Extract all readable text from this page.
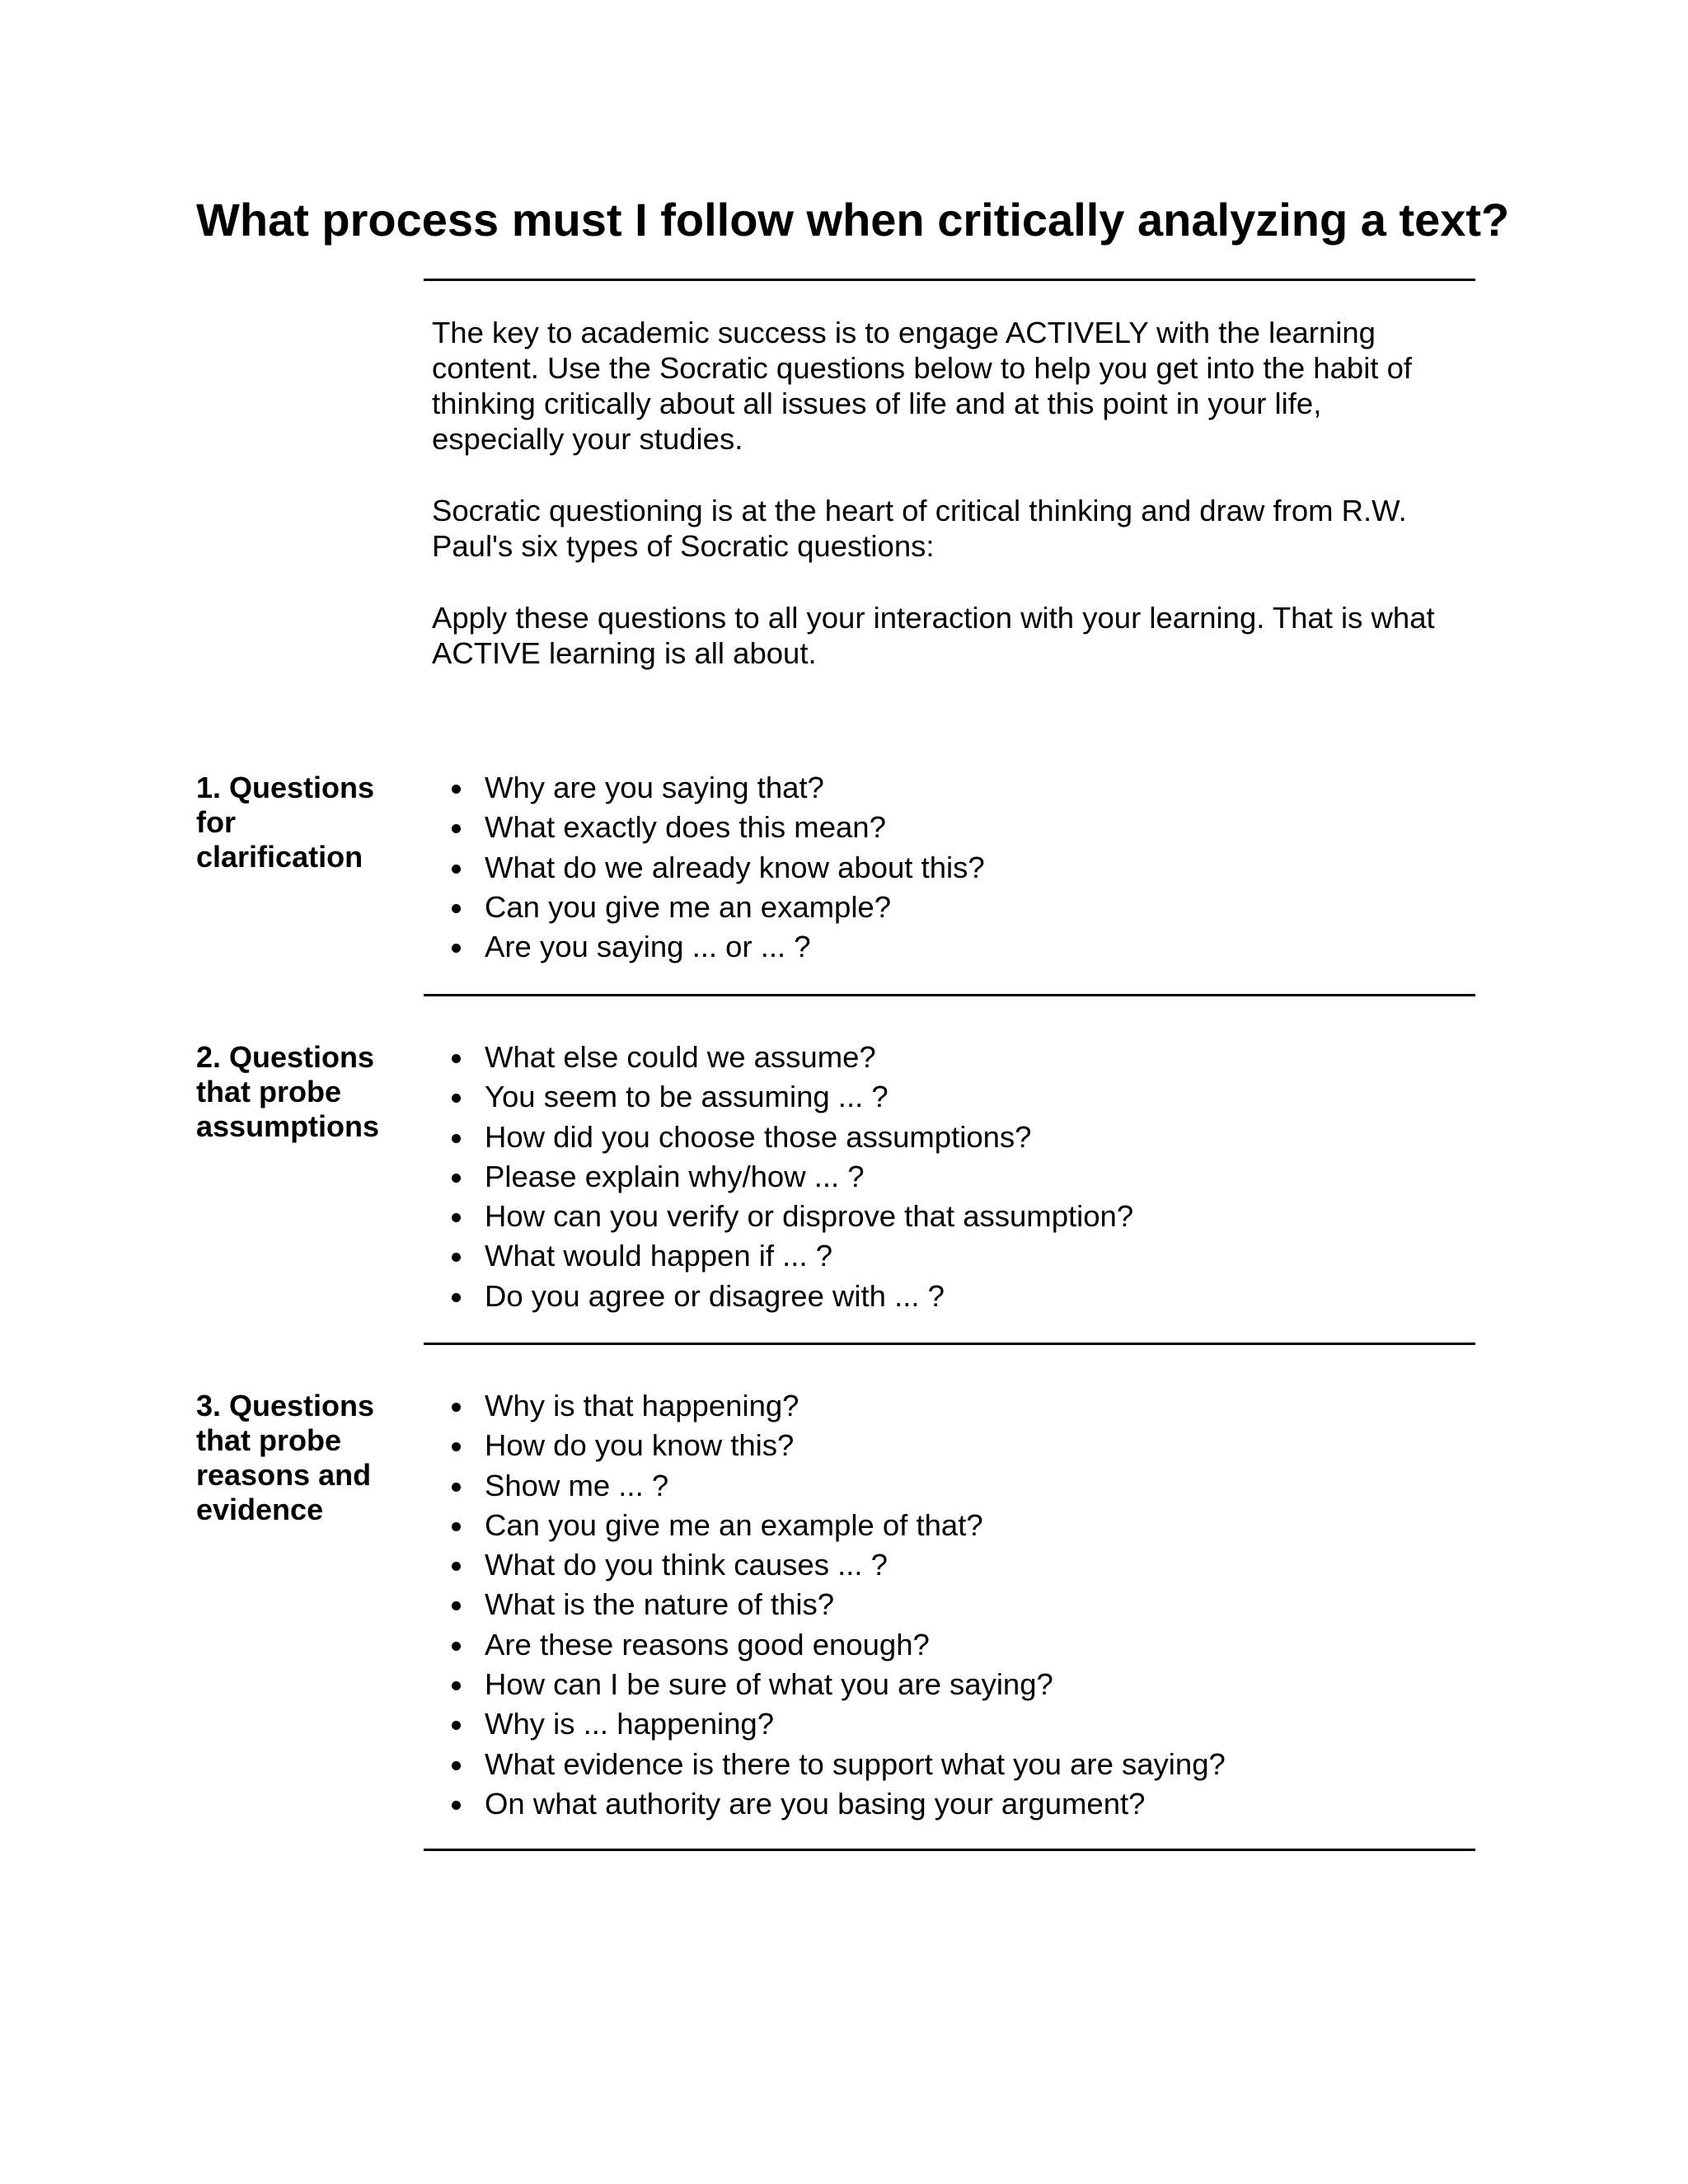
What process must I follow when critically analyzing a text?

The key to academic success is to engage ACTIVELY with the learning content. Use the Socratic questions below to help you get into the habit of thinking critically about all issues of life and at this point in your life, especially your studies.

Socratic questioning is at the heart of critical thinking and draw from R.W. Paul's six types of Socratic questions:

Apply these questions to all your interaction with your learning. That is what ACTIVE learning is all about.

1. Questions
for
clarification
Why are you saying that?
What exactly does this mean?
What do we already know about this?
Can you give me an example?
Are you saying ... or ... ?
2. Questions
that probe
assumptions
What else could we assume?
You seem to be assuming ... ?
How did you choose those assumptions?
Please explain why/how ... ?
How can you verify or disprove that assumption?
What would happen if ... ?
Do you agree or disagree with ... ?
3. Questions
that probe
reasons and
evidence
Why is that happening?
How do you know this?
Show me ... ?
Can you give me an example of that?
What do you think causes ... ?
What is the nature of this?
Are these reasons good enough?
How can I be sure of what you are saying?
Why is ... happening?
What evidence is there to support what you are saying?
On what authority are you basing your argument?
